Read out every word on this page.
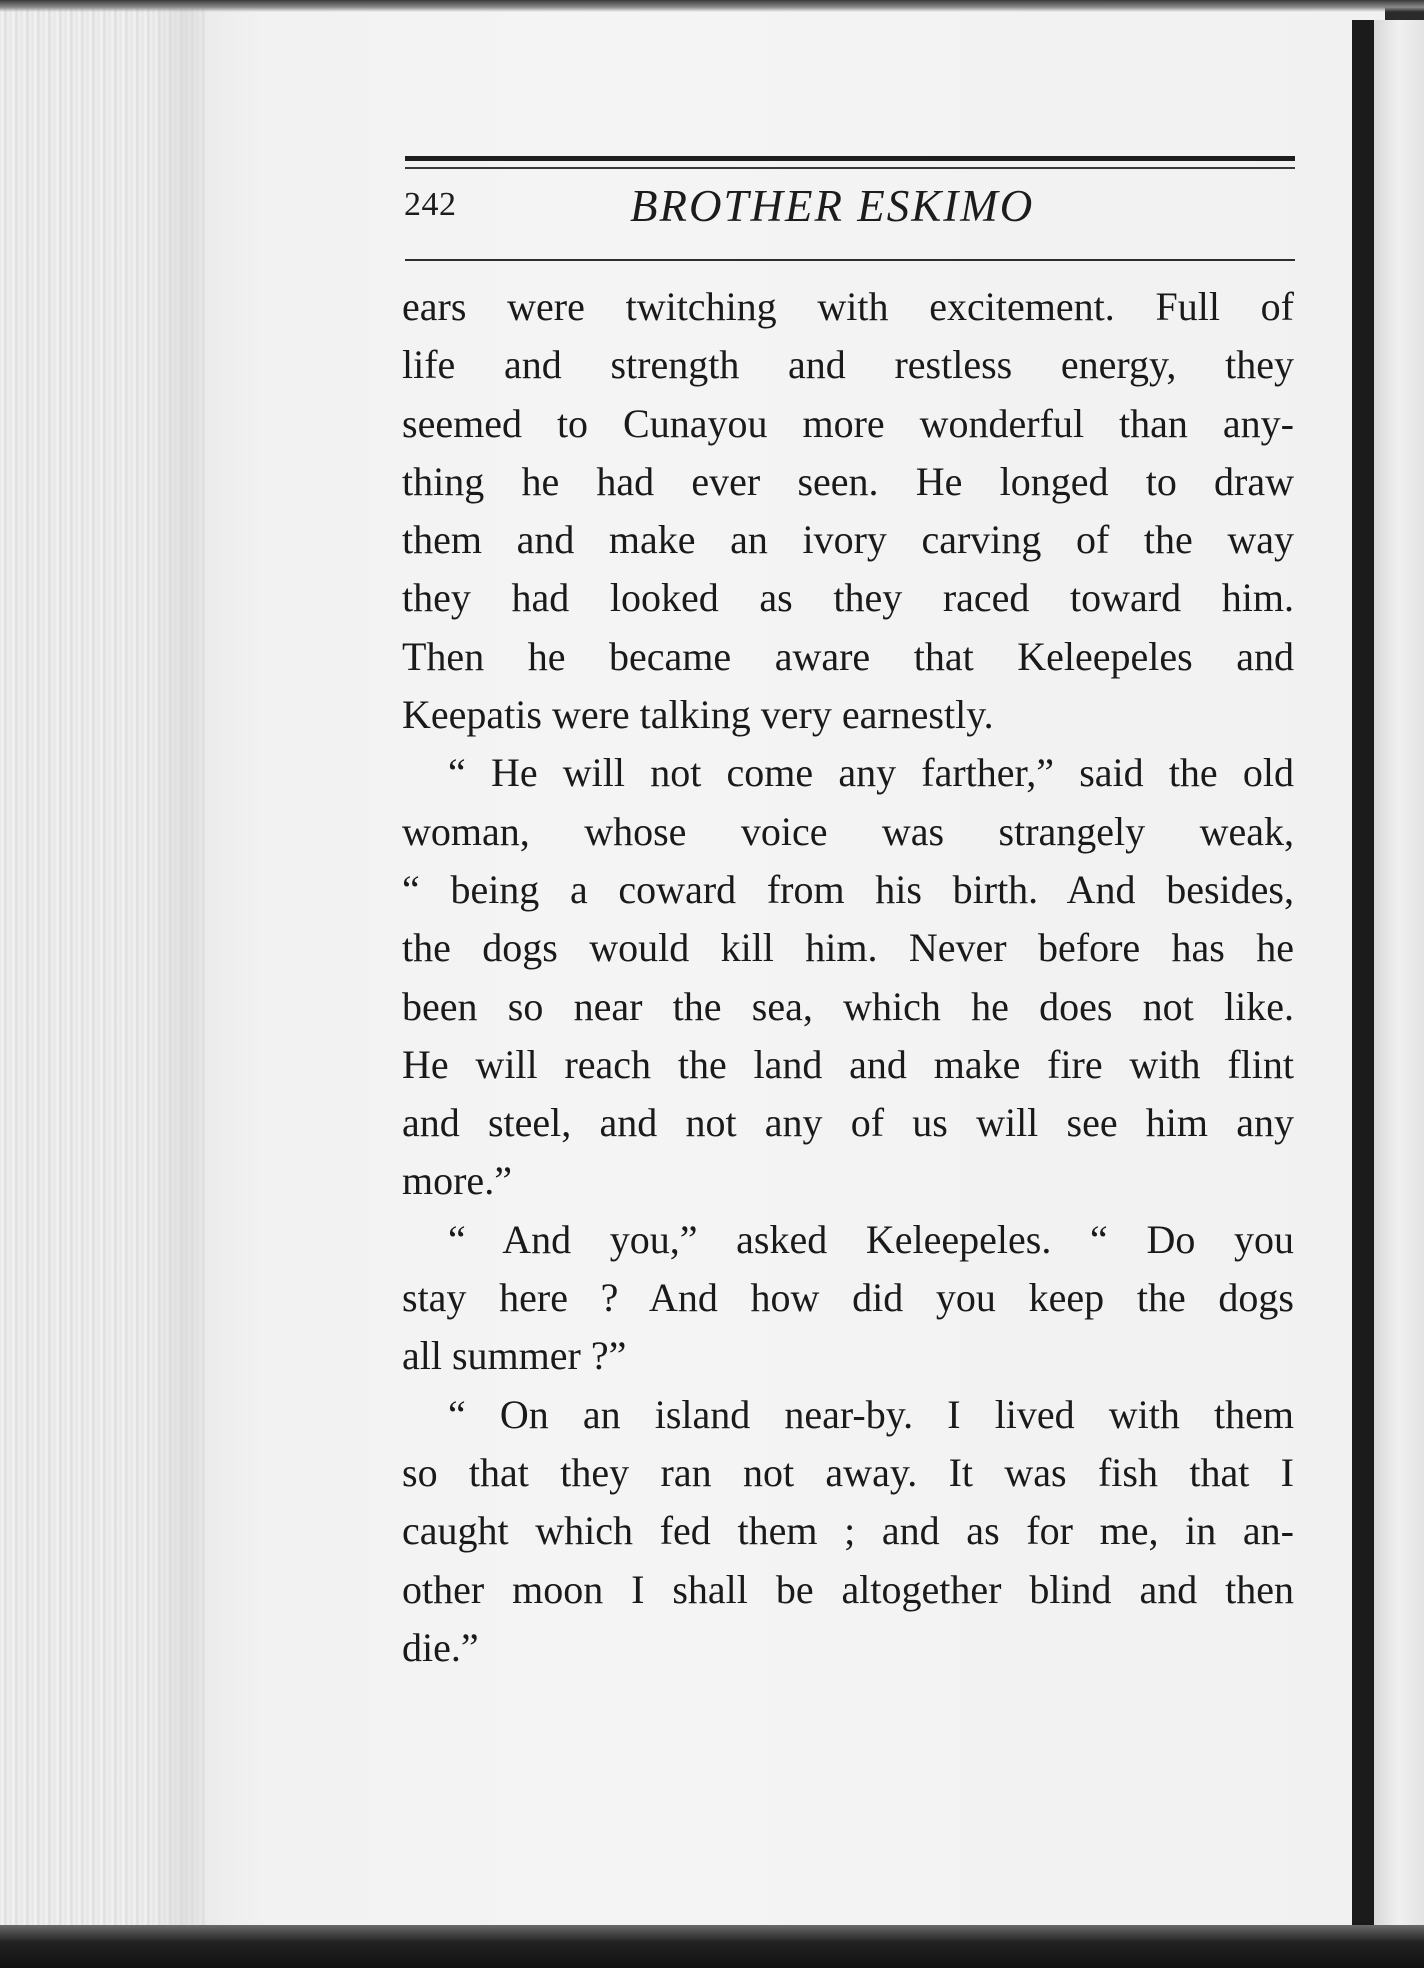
242	BROTHER ESKIMO
ears were twitching with excitement. Full of
life and strength and restless energy, they
seemed to Cunayou more wonderful than any-
thing he had ever seen. He longed to draw
them and make an ivory carving of the way
they had looked as they raced toward him.
Then he became aware that Keleepeles and
Keepatis were talking very earnestly.
“ He will not come any farther,” said the old
woman, whose voice was strangely weak,
“ being a coward from his birth. And besides,
the dogs would kill him. Never before has he
been so near the sea, which he does not like.
He will reach the land and make fire with flint
and steel, and not any of us will see him any
more.”
“ And you,” asked Keleepeles. “ Do you
stay here ? And how did you keep the dogs
all summer ?”
“ On an island near-by. I lived with them
so that they ran not away. It was fish that I
caught which fed them ; and as for me, in an-
other moon I shall be altogether blind and then
die.”
